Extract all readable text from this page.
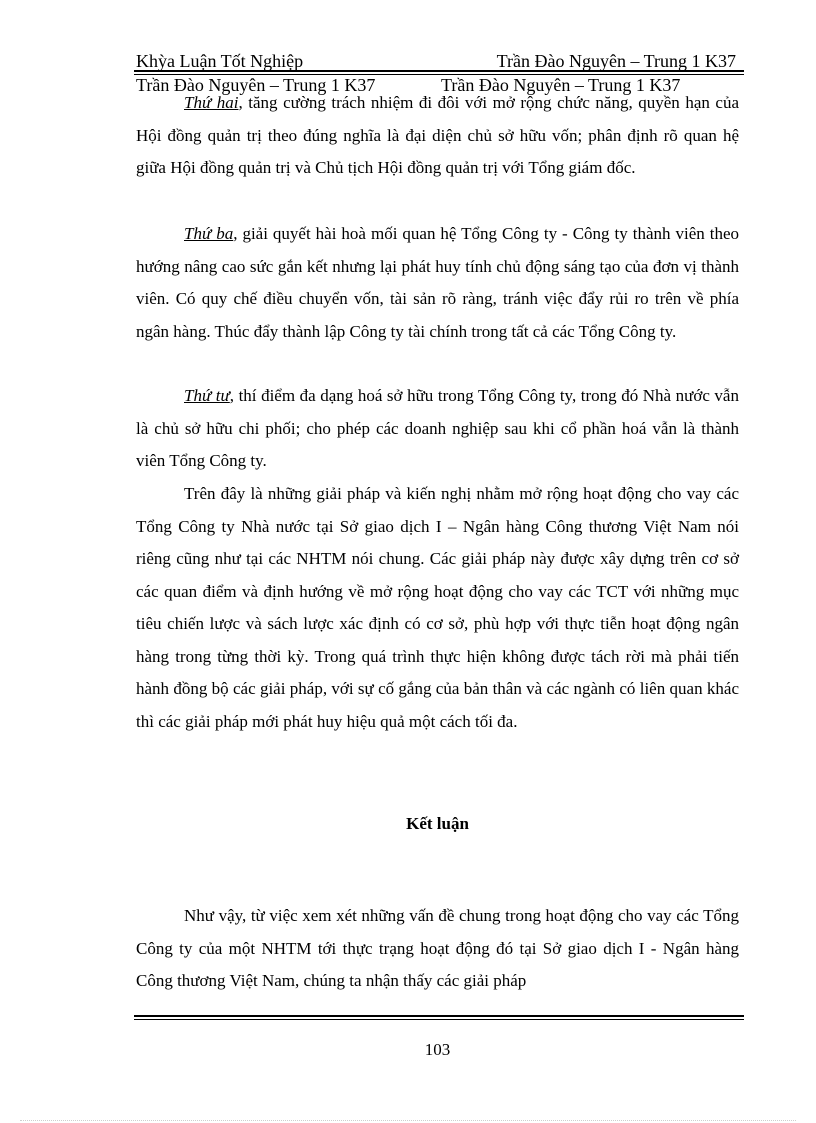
Khỳa Luận Tốt Nghiệp	Trần Đào Nguyên – Trung 1 K37
Trần Đào Nguyên – Trung 1 K37	Trần Đào Nguyên – Trung 1 K37

Thứ hai, tăng cường trách nhiệm đi đôi với mở rộng chức năng, quyền hạn của Hội đồng quản trị theo đúng nghĩa là đại diện chủ sở hữu vốn; phân định rõ quan hệ giữa Hội đồng quản trị và Chủ tịch Hội đồng quản trị với Tổng giám đốc.

Thứ ba, giải quyết hài hoà mối quan hệ Tổng Công ty - Công ty thành viên theo hướng nâng cao sức gắn kết nhưng lại phát huy tính chủ động sáng tạo của đơn vị thành viên. Có quy chế điều chuyển vốn, tài sản rõ ràng, tránh việc đẩy rủi ro trên về phía ngân hàng. Thúc đẩy thành lập Công ty tài chính trong tất cả các Tổng Công ty.

Thứ tư, thí điểm đa dạng hoá sở hữu trong Tổng Công ty, trong đó Nhà nước vẫn là chủ sở hữu chi phối; cho phép các doanh nghiệp sau khi cổ phần hoá vẫn là thành viên Tổng Công ty.

Trên đây là những giải pháp và kiến nghị nhằm mở rộng hoạt động cho vay các Tổng Công ty Nhà nước tại Sở giao dịch I – Ngân hàng Công thương Việt Nam nói riêng cũng như tại các NHTM nói chung. Các giải pháp này được xây dựng trên cơ sở các quan điểm và định hướng về mở rộng hoạt động cho vay các TCT với những mục tiêu chiến lược và sách lược xác định có cơ sở, phù hợp với thực tiễn hoạt động ngân hàng trong từng thời kỳ. Trong quá trình thực hiện không được tách rời mà phải tiến hành đồng bộ các giải pháp, với sự cố gắng của bản thân và các ngành có liên quan khác thì các giải pháp mới phát huy hiệu quả một cách tối đa.

Kết luận

Như vậy, từ việc xem xét những vấn đề chung trong hoạt động cho vay các Tổng Công ty của một NHTM tới thực trạng hoạt động đó tại Sở giao dịch I - Ngân hàng Công thương Việt Nam, chúng ta nhận thấy các giải pháp

103
